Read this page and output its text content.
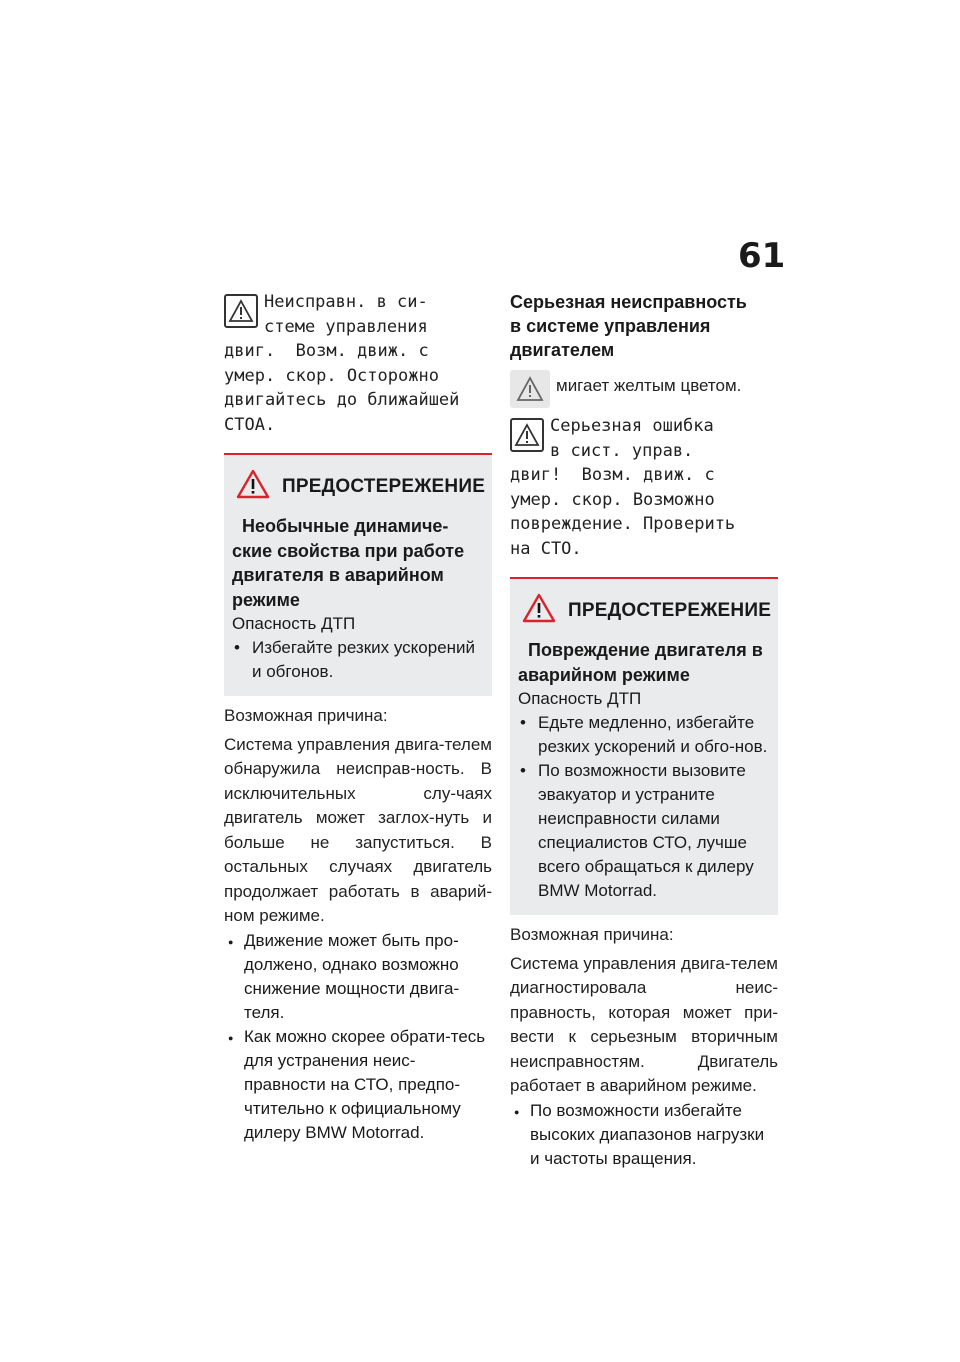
61

Неисправн. в си-

стеме управления

двиг.  Возм. движ. с

умер. скор. Осторожно

двигайтесь до ближайшей

СТОА.

ПРЕДОСТЕРЕЖЕНИЕ

Необычные динамиче-
ские свойства при работе
двигателя в аварийном
режиме

Опасность ДТП

• Избегайте резких ускорений и обгонов.

Возможная причина:

Система управления двига-телем обнаружила неисправ-ность. В исключительных слу-чаях двигатель может заглох-нуть и больше не запуститься. В остальных случаях двигатель продолжает работать в аварий-ном режиме.

● Движение может быть про-должено, однако возможно снижение мощности двига-теля.
● Как можно скорее обрати-тесь для устранения неис-правности на СТО, предпо-чтительно к официальному дилеру BMW Motorrad.

Серьезная неисправность
в системе управления
двигателем

мигает желтым цветом.

Серьезная ошибка

в сист. управ.

двиг!  Возм. движ. с

умер. скор. Возможно

повреждение. Проверить

на СТО.

ПРЕДОСТЕРЕЖЕНИЕ

Повреждение двигателя в
аварийном режиме

Опасность ДТП

• Едьте медленно, избегайте резких ускорений и обго-нов.
• По возможности вызовите эвакуатор и устраните неисправности силами специалистов СТО, лучше всего обращаться к дилеру BMW Motorrad.

Возможная причина:

Система управления двига-телем диагностировала неис-правность, которая может при-вести к серьезным вторичным неисправностям. Двигатель работает в аварийном режиме.

● По возможности избегайте высоких диапазонов нагрузки и частоты вращения.
